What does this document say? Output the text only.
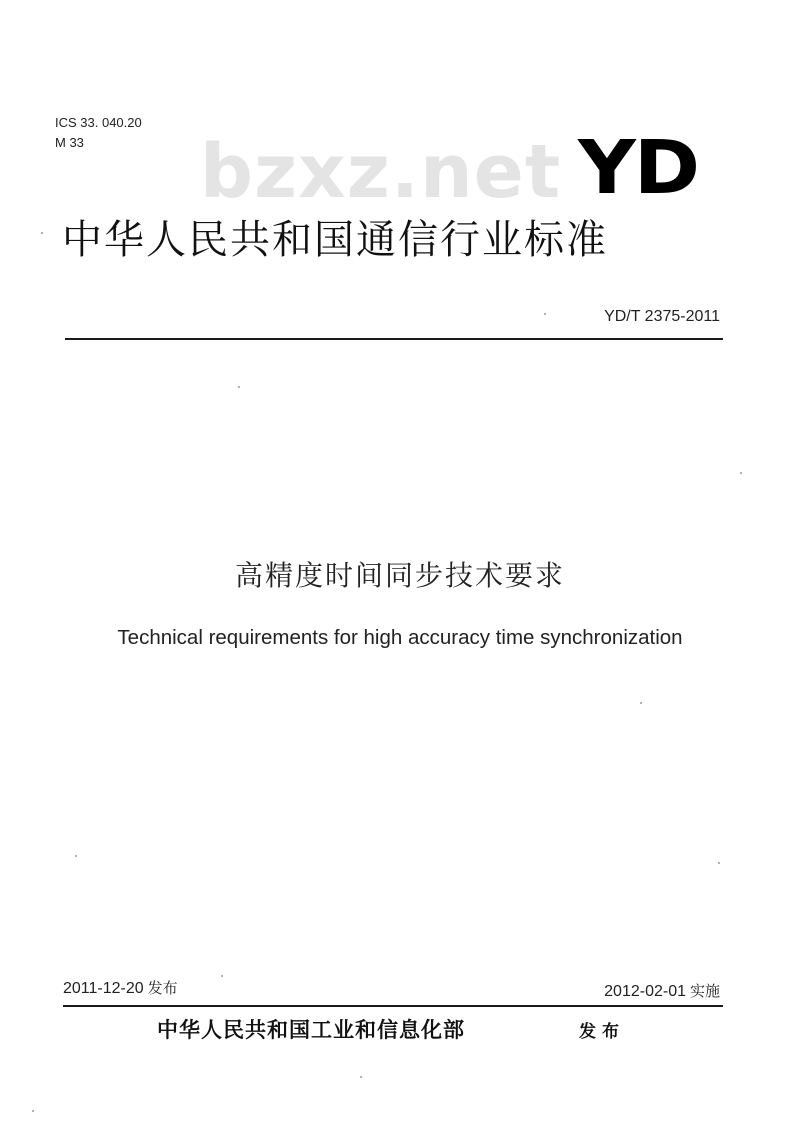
ICS 33. 040.20
M 33	bzxz.net YD
中华人民共和国通信行业标准
YD/T 2375-2011
高精度时间同步技术要求
Technical requirements for high accuracy time synchronization
2011-12-20 发布	2012-02-01 实施
中华人民共和国工业和信息化部	发布
